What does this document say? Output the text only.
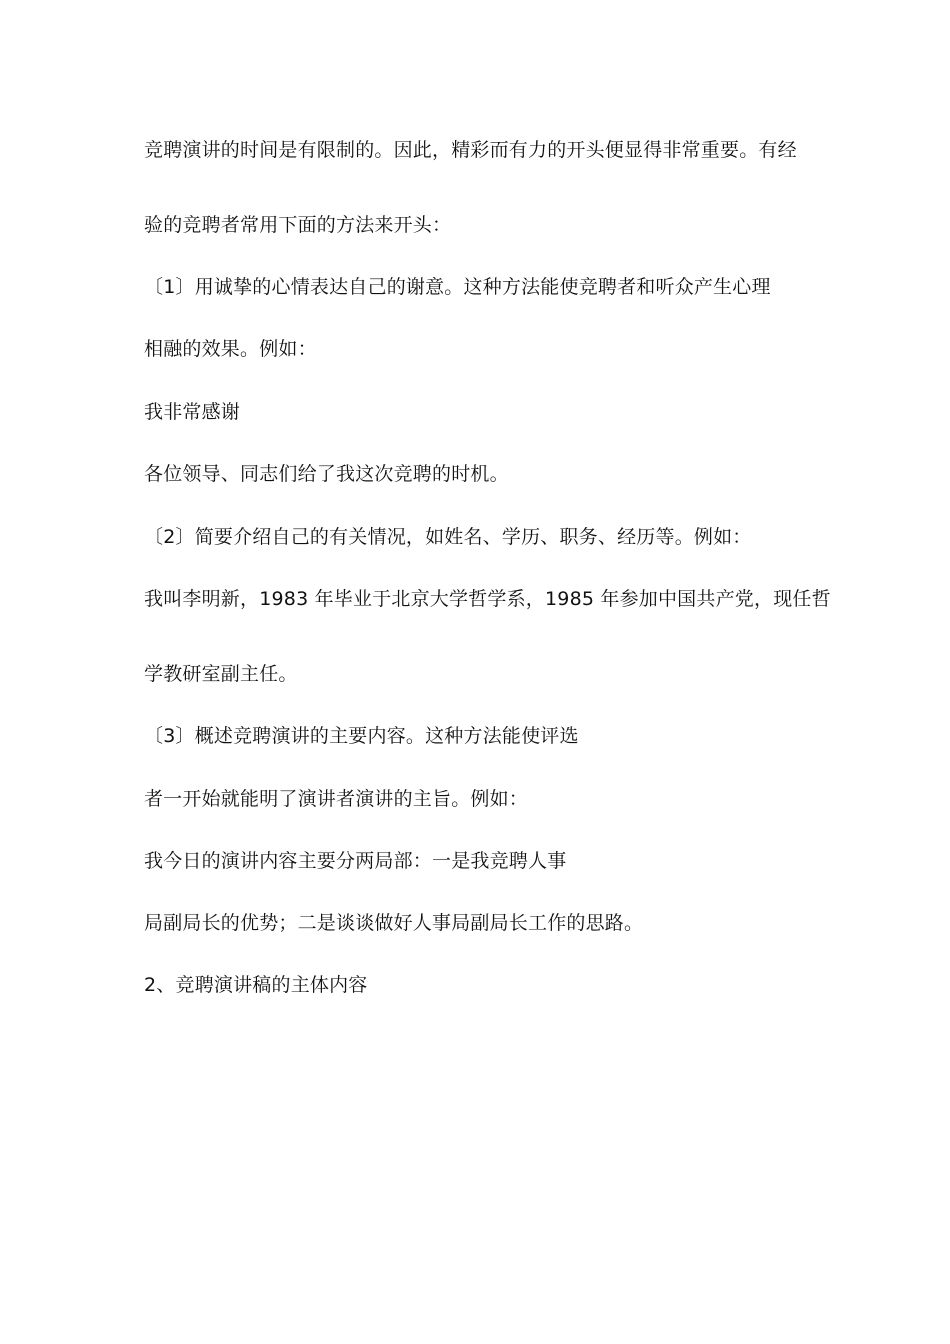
竞聘演讲的时间是有限制的。因此，精彩而有力的开头便显得非常重要。有经

验的竞聘者常用下面的方法来开头：

〔1〕用诚挚的心情表达自己的谢意。这种方法能使竞聘者和听众产生心理

相融的效果。例如：

我非常感谢

各位领导、同志们给了我这次竞聘的时机。

〔2〕简要介绍自己的有关情况，如姓名、学历、职务、经历等。例如：

我叫李明新，1983 年毕业于北京大学哲学系，1985 年参加中国共产党，现任哲

学教研室副主任。

〔3〕概述竞聘演讲的主要内容。这种方法能使评选

者一开始就能明了演讲者演讲的主旨。例如：

我今日的演讲内容主要分两局部：一是我竞聘人事

局副局长的优势；二是谈谈做好人事局副局长工作的思路。

2、竞聘演讲稿的主体内容
